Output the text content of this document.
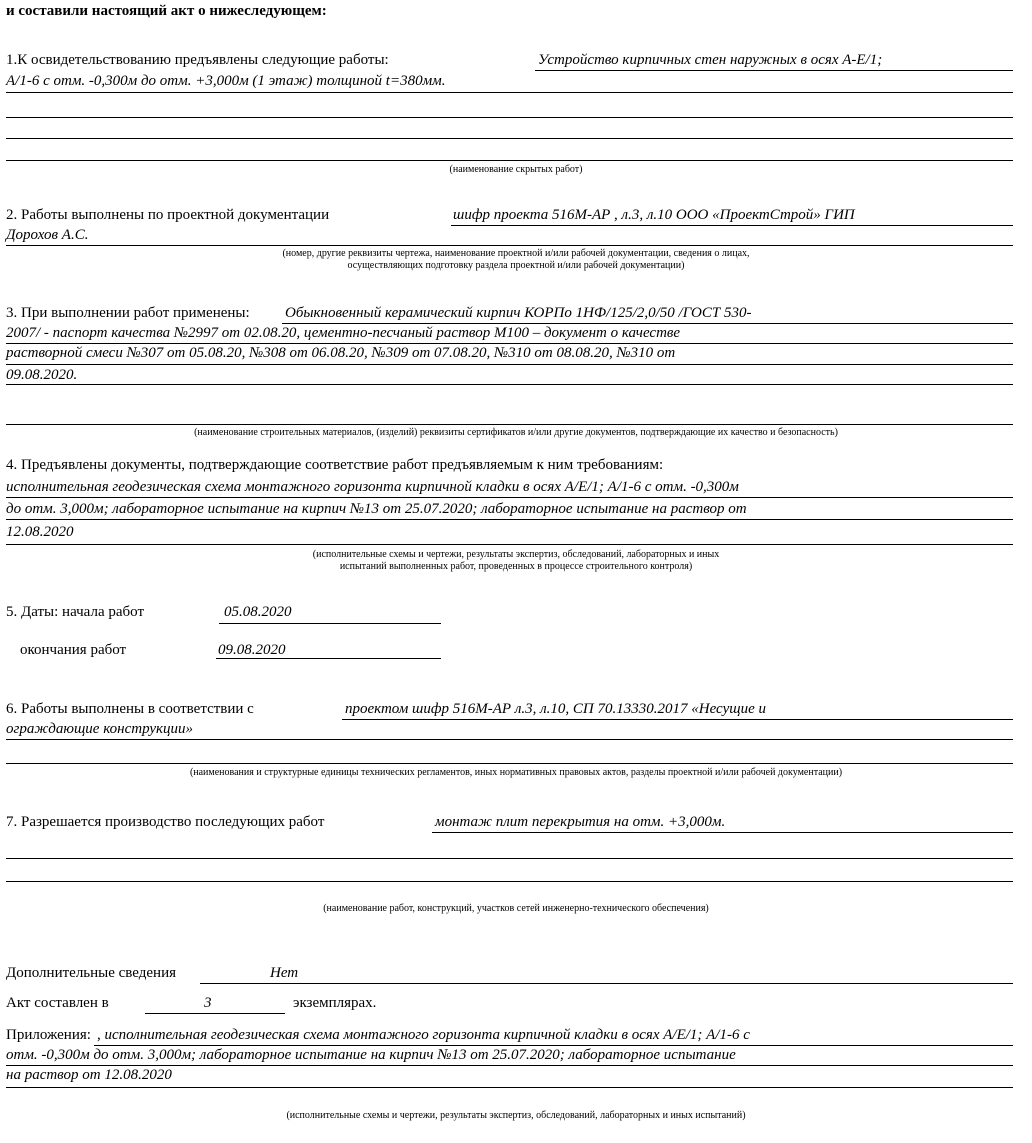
и составили настоящий акт о нижеследующем:
1.К освидетельствованию предъявлены следующие работы:	Устройство кирпичных стен наружных в осях А-Е/1;
А/1-6 с отм. -0,300м до отм. +3,000м (1 этаж) толщиной t=380мм.
(наименование скрытых работ)
2. Работы выполнены по проектной документации	шифр проекта 516М-АР , л.3, л.10 ООО «ПроектСтрой» ГИП
Дорохов А.С.
(номер, другие реквизиты чертежа, наименование проектной и/или рабочей документации, сведения о лицах,
осуществляющих подготовку раздела проектной и/или рабочей документации)
3. При выполнении работ применены: Обыкновенный керамический кирпич КОРПо 1НФ/125/2,0/50 /ГОСТ 530-
2007/ - паспорт качества №2997 от 02.08.20, цементно-песчаный раствор М100 – документ о качестве
растворной смеси №307 от 05.08.20, №308 от 06.08.20, №309 от 07.08.20, №310 от 08.08.20, №310 от
09.08.2020.
(наименование строительных материалов, (изделий) реквизиты сертификатов и/или другие документов, подтверждающие их качество и безопасность)
4. Предъявлены документы, подтверждающие соответствие работ предъявляемым к ним требованиям:
исполнительная геодезическая схема монтажного горизонта кирпичной кладки в осях А/Е/1; А/1-6 с отм. -0,300м
до отм. 3,000м; лабораторное испытание на кирпич №13 от 25.07.2020; лабораторное испытание на раствор от
12.08.2020
(исполнительные схемы и чертежи, результаты экспертиз, обследований, лабораторных и иных
испытаний выполненных работ, проведенных в процессе строительного контроля)
5. Даты: начала работ	05.08.2020
окончания работ	09.08.2020
6. Работы выполнены в соответствии с	проектом шифр 516М-АР л.3, л.10, СП 70.13330.2017 «Несущие и
ограждающие конструкции»
(наименования и структурные единицы технических регламентов, иных нормативных правовых актов, разделы проектной и/или рабочей документации)
7. Разрешается производство последующих работ	монтаж плит перекрытия на отм. +3,000м.
(наименование работ, конструкций, участков сетей инженерно-технического обеспечения)
Дополнительные сведения	Нет
Акт составлен в	3	экземплярах.
Приложения: , исполнительная геодезическая схема монтажного горизонта кирпичной кладки в осях А/Е/1; А/1-6 с
отм. -0,300м до отм. 3,000м; лабораторное испытание на кирпич №13 от 25.07.2020; лабораторное испытание
на раствор от 12.08.2020
(исполнительные схемы и чертежи, результаты экспертиз, обследований, лабораторных и иных испытаний)
